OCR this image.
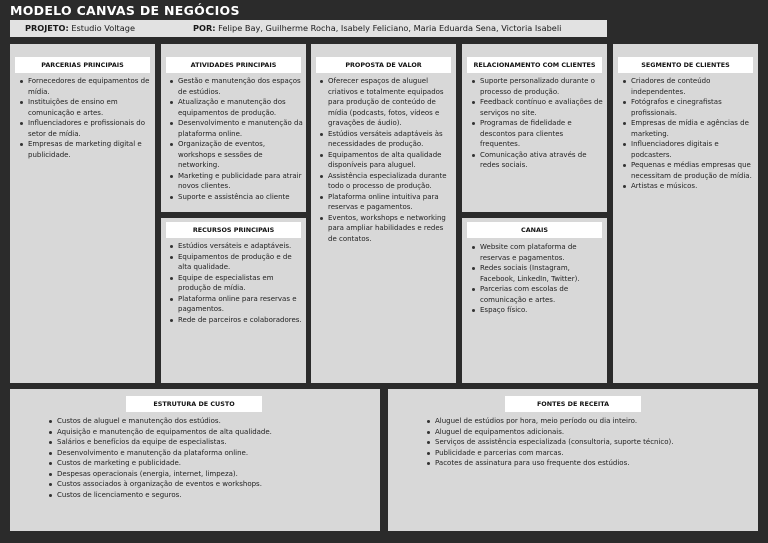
MODELO CANVAS DE NEGÓCIOS
PROJETO: Estudio Voltage	POR: Felipe Bay, Guilherme Rocha, Isabely Feliciano, Maria Eduarda Sena, Victoria Isabeli
PARCERIAS PRINCIPAIS
Fornecedores de equipamentos de mídia.
Instituições de ensino em comunicação e artes.
Influenciadores e profissionais do setor de mídia.
Empresas de marketing digital e publicidade.
ATIVIDADES PRINCIPAIS
Gestão e manutenção dos espaços de estúdios.
Atualização e manutenção dos equipamentos de produção.
Desenvolvimento e manutenção da plataforma online.
Organização de eventos, workshops e sessões de networking.
Marketing e publicidade para atrair novos clientes.
Suporte e assistência ao cliente
RECURSOS PRINCIPAIS
Estúdios versáteis e adaptáveis.
Equipamentos de produção e de alta qualidade.
Equipe de especialistas em produção de mídia.
Plataforma online para reservas e pagamentos.
Rede de parceiros e colaboradores.
PROPOSTA DE VALOR
Oferecer espaços de aluguel criativos e totalmente equipados para produção de conteúdo de mídia (podcasts, fotos, vídeos e gravações de áudio).
Estúdios versáteis adaptáveis às necessidades de produção.
Equipamentos de alta qualidade disponíveis para aluguel.
Assistência especializada durante todo o processo de produção.
Plataforma online intuitiva para reservas e pagamentos.
Eventos, workshops e networking para ampliar habilidades e redes de contatos.
RELACIONAMENTO COM CLIENTES
Suporte personalizado durante o processo de produção.
Feedback contínuo e avaliações de serviços no site.
Programas de fidelidade e descontos para clientes frequentes.
Comunicação ativa através de redes sociais.
CANAIS
Website com plataforma de reservas e pagamentos.
Redes sociais (Instagram, Facebook, LinkedIn, Twitter).
Parcerias com escolas de comunicação e artes.
Espaço físico.
SEGMENTO DE CLIENTES
Criadores de conteúdo independentes.
Fotógrafos e cinegrafistas profissionais.
Empresas de mídia e agências de marketing.
Influenciadores digitais e podcasters.
Pequenas e médias empresas que necessitam de produção de mídia.
Artistas e músicos.
ESTRUTURA DE CUSTO
Custos de aluguel e manutenção dos estúdios.
Aquisição e manutenção de equipamentos de alta qualidade.
Salários e benefícios da equipe de especialistas.
Desenvolvimento e manutenção da plataforma online.
Custos de marketing e publicidade.
Despesas operacionais (energia, internet, limpeza).
Custos associados à organização de eventos e workshops.
Custos de licenciamento e seguros.
FONTES DE RECEITA
Aluguel de estúdios por hora, meio período ou dia inteiro.
Aluguel de equipamentos adicionais.
Serviços de assistência especializada (consultoria, suporte técnico).
Publicidade e parcerias com marcas.
Pacotes de assinatura para uso frequente dos estúdios.
